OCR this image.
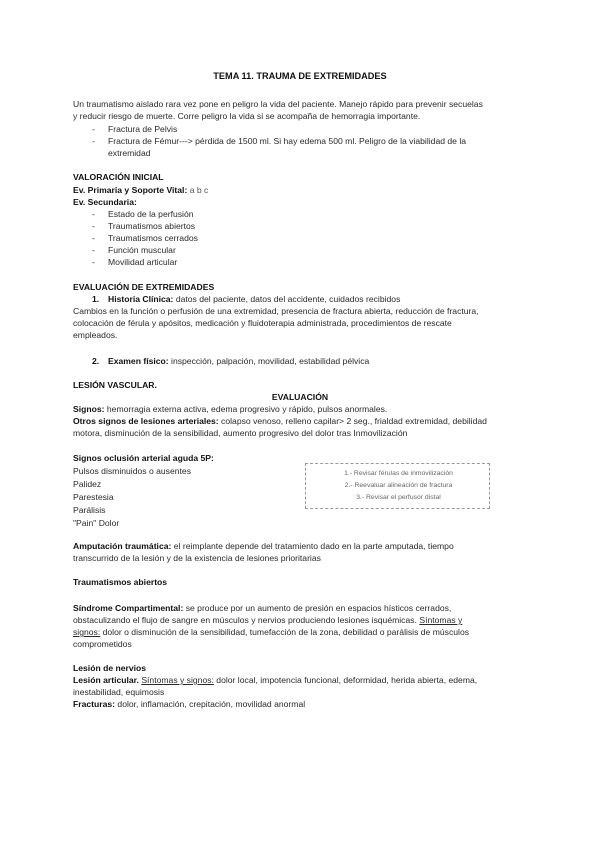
TEMA 11. TRAUMA DE EXTREMIDADES
Un traumatismo aislado rara vez pone en peligro la vida del paciente. Manejo rápido para prevenir secuelas
y reducir riesgo de muerte. Corre peligro la vida si se acompaña de hemorragia importante.
- Fractura de Pelvis
- Fractura de Fémur---> pérdida de 1500 ml. Si hay edema 500 ml. Peligro de la viabilidad de la
extremidad
VALORACIÓN INICIAL
Ev. Primaria y Soporte Vital: a b c
Ev. Secundaria:
- Estado de la perfusión
- Traumatismos abiertos
- Traumatismos cerrados
- Función muscular
- Movilidad articular
EVALUACIÓN DE EXTREMIDADES
1. Historia Clínica: datos del paciente, datos del accidente, cuidados recibidos
Cambios en la función o perfusión de una extremidad, presencia de fractura abierta, reducción de fractura,
colocación de férula y apósitos, medicación y fluidoterapia administrada, procedimientos de rescate
empleados.
2. Examen físico: inspección, palpación, movilidad, estabilidad pélvica
LESIÓN VASCULAR.
EVALUACIÓN
Signos: hemorragia externa activa, edema progresivo y rápido, pulsos anormales.
Otros signos de lesiones arteriales: colapso venoso, relleno capilar> 2 seg., frialdad extremidad, debilidad
motora, disminución de la sensibilidad, aumento progresivo del dolor tras Inmovilización
Signos oclusión arterial aguda 5P:
Pulsos disminuidos o ausentes
Palidez
Parestesia
Parálisis
"Pain" Dolor
1.- Revisar férulas de inmovilización
2.- Reevaluar alineación de fractura
3.- Revisar el perfusor distal
Amputación traumática: el reimplante depende del tratamiento dado en la parte amputada, tiempo
transcurrido de la lesión y de la existencia de lesiones prioritarias
Traumatismos abiertos
Síndrome Compartimental: se produce por un aumento de presión en espacios hísticos cerrados,
obstaculizando el flujo de sangre en músculos y nervios produciendo lesiones isquémicas. Síntomas y
signos: dolor o disminución de la sensibilidad, tumefacción de la zona, debilidad o parálisis de músculos
comprometidos
Lesión de nervios
Lesión articular. Síntomas y signos: dolor local, impotencia funcional, deformidad, herida abierta, edema,
inestabilidad, equimosis
Fracturas: dolor, inflamación, crepitación, movilidad anormal
